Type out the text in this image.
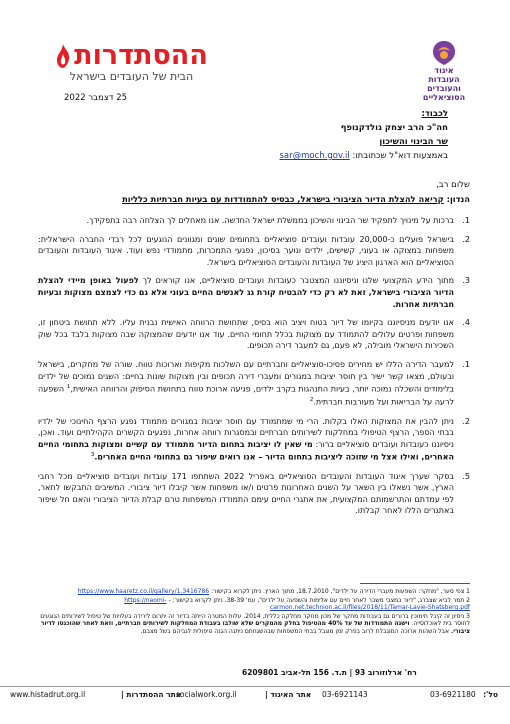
איגוד
העובדות
והעובדים
הסוציאליים
ההסתדרות
הבית של העובדים בישראל
25 דצמבר 2022
לכבוד:
חה"כ הרב יצחק גולדקנופף
שר הבינוי והשיכון
באמצעות דוא"ל שכתובתו: sar@moch.gov.il
שלום רב,
הנדון: קריאה להצלת הדיור הציבורי בישראל, כבסיס להתמודדות עם בעיות חברתיות כלליות
1.
ברכות על מינויך לתפקיד שר הבינוי והשיכון בממשלת ישראל החדשה. אנו מאחלים לך הצלחה רבה בתפקידך.
2.
בישראל פועלים כ-20,000 עובדות ועובדים סוציאליים בתחומים שונים ומגוונים הנוגעים לכל רבדי החברה הישראלית: משפחות במצוקה או בעוני, קשישים, ילדים ונוער בסיכון, נפגעי התמכרות, מתמודדי נפש ועוד. איגוד העובדות והעובדים הסוציאליים הוא הארגון היציג של העובדות והעובדים הסוציאליים בישראל.
3.
מתוך הידע המקצועי שלנו וניסיוננו המצטבר כעובדות ועובדים סוציאליים, אנו קוראים לך לפעול באופן מיידי להצלת הדיור הציבורי בישראל, זאת לא רק כדי להבטיח קורת גג לאנשים החיים בעוני אלא גם כדי לצמצם מצוקות ובעיות חברתיות אחרות.
4.
אנו יודעים מניסיוננו בקיומו של דיור בטוח ויציב הוא בסיס, שתחושת הרווחה האישית נבנית עליו. ללא תחושת ביטחון זו, משפחות ופרטים עלולים להתמודד עם מצוקות בכלל תחומי החיים. עוד אנו יודעים שהמצוקה שבה מצוקות בלבד בכל שוק השכירות הישראלי מובילה, לא פעם, גם למעבר דירה תכופים.
1.
למעבר הדירה הללו יש מחירים פסיכו-סוציאליים וחברתיים עם השלכות מקיפות וארוכות טווח. שורה של מחקרים, בישראל ובעולם, מצאו קשר ישיר בין חוסר יציבות במגורים ומעברי דירה תכופים ובין מצוקות שונות בחיים: השגים נמוכים של ילדים בלימודים והשכלה נמוכה יותר, בעיות התנהגות בקרב ילדים, פגיעה ארוכת טווח בתחושת הסיפוק והרווחה האישית,$^1$ השפעה לרעה על הבריאות ועל מעורבות חברתית.$^2$
2.
ניתן להבין את המצוקות האלו בקלות. הרי מי שמתמודד עם חוסר יציבות במגורים מתמודד נפגע הרצף החינוכי של ילדיו בבתי הספר, הרצף הטיפולי במחלקות לשירותים חברתיים ובמסגרות רווחה אחרות, נפגעים הקשרים הקהילתיים ועוד. ואכן, ניסיוננו כעובדות ועובדים סוציאליים ברור: מי שאין לו יציבות בתחום הדיור מתמודד עם קשיים ומצוקות בתחומי החיים האחרים, ואילו אצל מי שזוכה ליציבות בתחום הדיור – אנו רואים שיפור גם בתחומי החיים האחרים.$^3$
5.
בסקר שערך איגוד העובדות והעובדים הסוציאליים באפריל 2022 השתתפו 171 עובדות ועובדים סוציאליים מכל רחבי הארץ, אשר נשאלו בין השאר על השנים האחרונות פרטים ו/או משפחות אשר קיבלו דיור ציבורי. המשיבים התבקשו לתאר, לפי עמדתם והתרשמותם המקצועית, את אתגרי החיים עימם התמודדו המשפחות טרם קבלת הדיור הציבורי והאם חל שיפור באתגרים הללו לאחר קבלתו.

1 צפי סער, "מחקר: השפעות מעברי הדירה על ילדים", 18.7.2010, מתוך הארץ. ניתן לקרוא בקישור: https://www.haaretz.co.il/gallery/1.3416786

2 תמר לביא שצברג, "דיור במצבי משבר לאחר חיים עם אלימות והשפעה על ילדים", עמ' 38-39. ניתן לקרוא בקישור: - https://naomi-carmon.net.technion.ac.il/files/2018/11/Tamar-Lavie-Shatsberg.pdf

3 ניסיון זה קיבל תימוכין ברורים גם בעבודות מחקר של מכון מחקר מחלקה כללית, 2014. עלות המטרה הייתה בדיור זה יתרום לירידה בעלויות של טיפול לשירותים הנוגעים לחוסר בית לאוכלוסייה. וישנה התמודדות של עד 40% מהטיפול בחלק מהמקרים שלא שולבו בעבודת המחלקות לשירותים חברתיים, וזאת לאחר שהוכנסו לדיור ציבורי. אבל השהות ארוכה המוגבלת לרוב בפרק זמן מוגבל בבתי המשפחות שבהשגחתם ניתנה הגנה טיפולית לגביהם בשל מצבם.

רח' ארלוזורוב 93 | ת.ד. 156 תל-אביב 6209801
טל':
03-6921180
03-6921143
אתר האיגוד |
socialwork.org.il
אתר ההסתדרות |
www.histadrut.org.il
